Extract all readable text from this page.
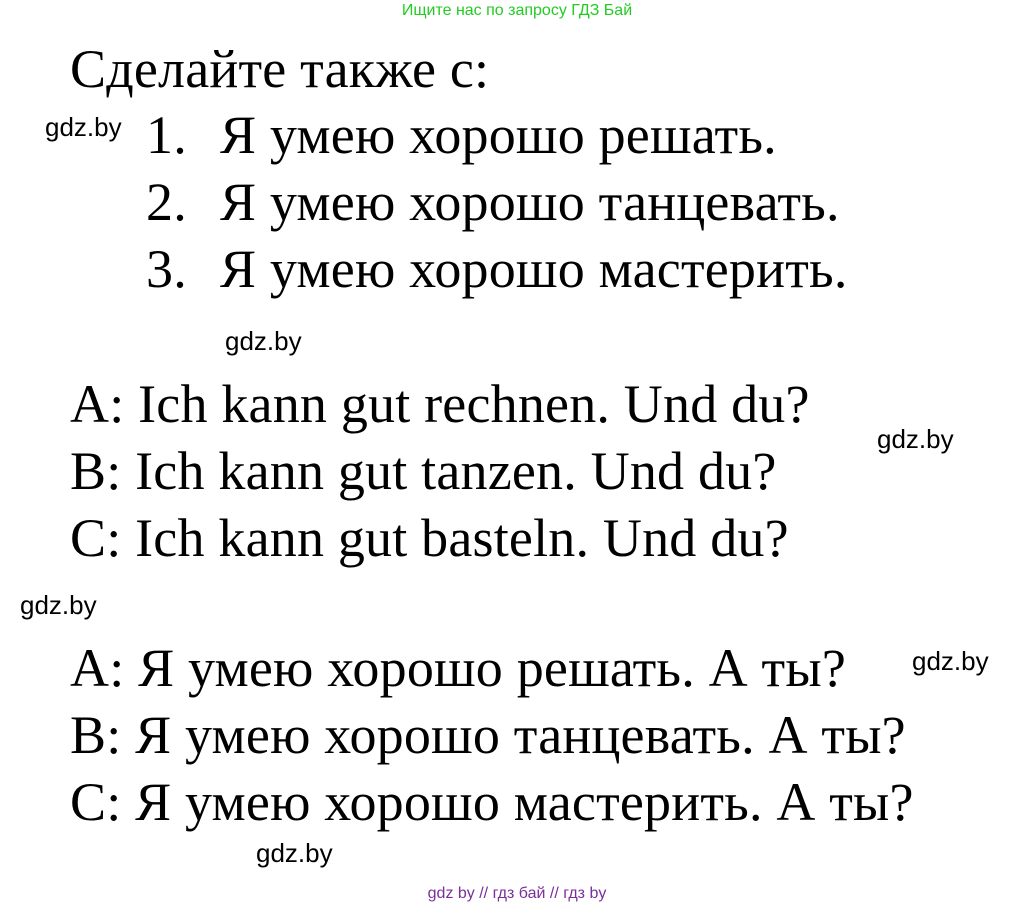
Ищите нас по запросу ГДЗ Бай
Сделайте также с:
gdz.by 1. Я умею хорошо решать.
2. Я умею хорошо танцевать.
3. Я умею хорошо мастерить.
gdz.by
A: Ich kann gut rechnen. Und du?
gdz.by
B: Ich kann gut tanzen. Und du?
C: Ich kann gut basteln. Und du?
gdz.by
A: Я умею хорошо решать. А ты?	gdz.by
B: Я умею хорошо танцевать. А ты?
C: Я умею хорошо мастерить. А ты?
gdz.by
gdz by // гдз бай // гдз by
